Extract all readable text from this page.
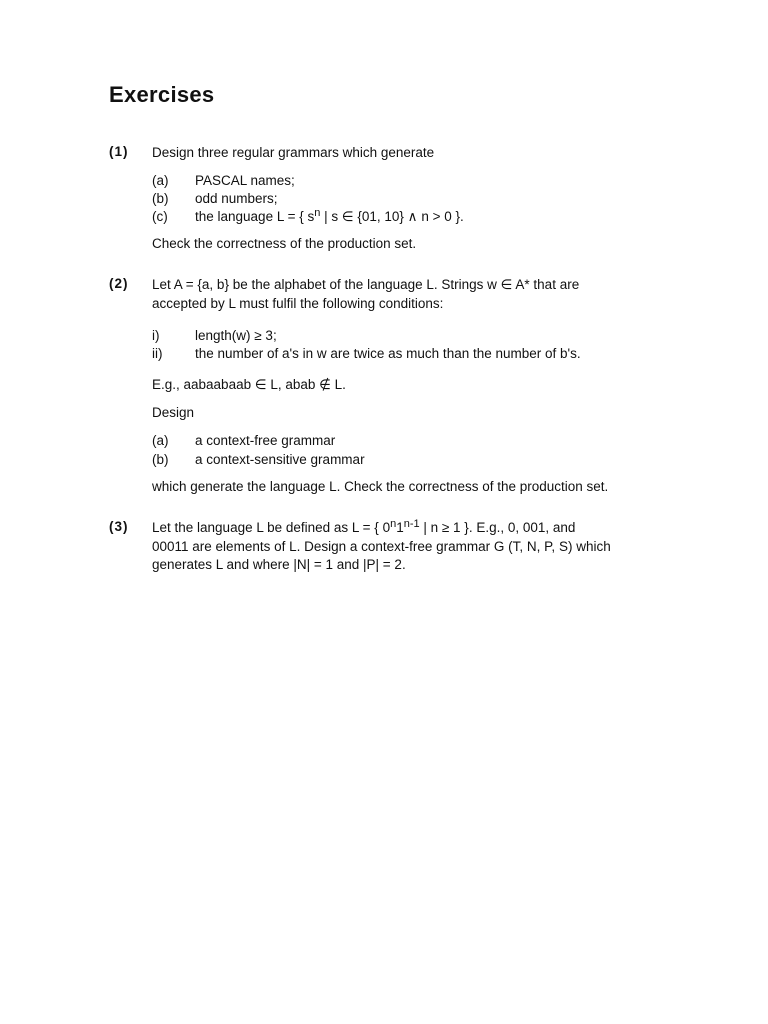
Exercises
(1) Design three regular grammars which generate
(a) PASCAL names;
(b) odd numbers;
(c) the language L = { $s^n$ | s ∈ {01, 10} ∧ n > 0 }.
Check the correctness of the production set.
(2) Let A = {a, b} be the alphabet of the language L. Strings w ∈ A* that are
accepted by L must fulfil the following conditions:
i)	length(w) ≥ 3;
ii) the number of a's in w are twice as much than the number of b's.
E.g., aabaabaab ∈ L, abab ∉ L.
Design
(a) a context-free grammar
(b) a context-sensitive grammar
which generate the language L. Check the correctness of the production set.
(3) Let the language L be defined as L = { 0$^n$1$^{n-1}$ | n ≥ 1 }. E.g., 0, 001, and
00011 are elements of L. Design a context-free grammar G (T, N, P, S) which
generates L and where |N| = 1 and |P| = 2.
